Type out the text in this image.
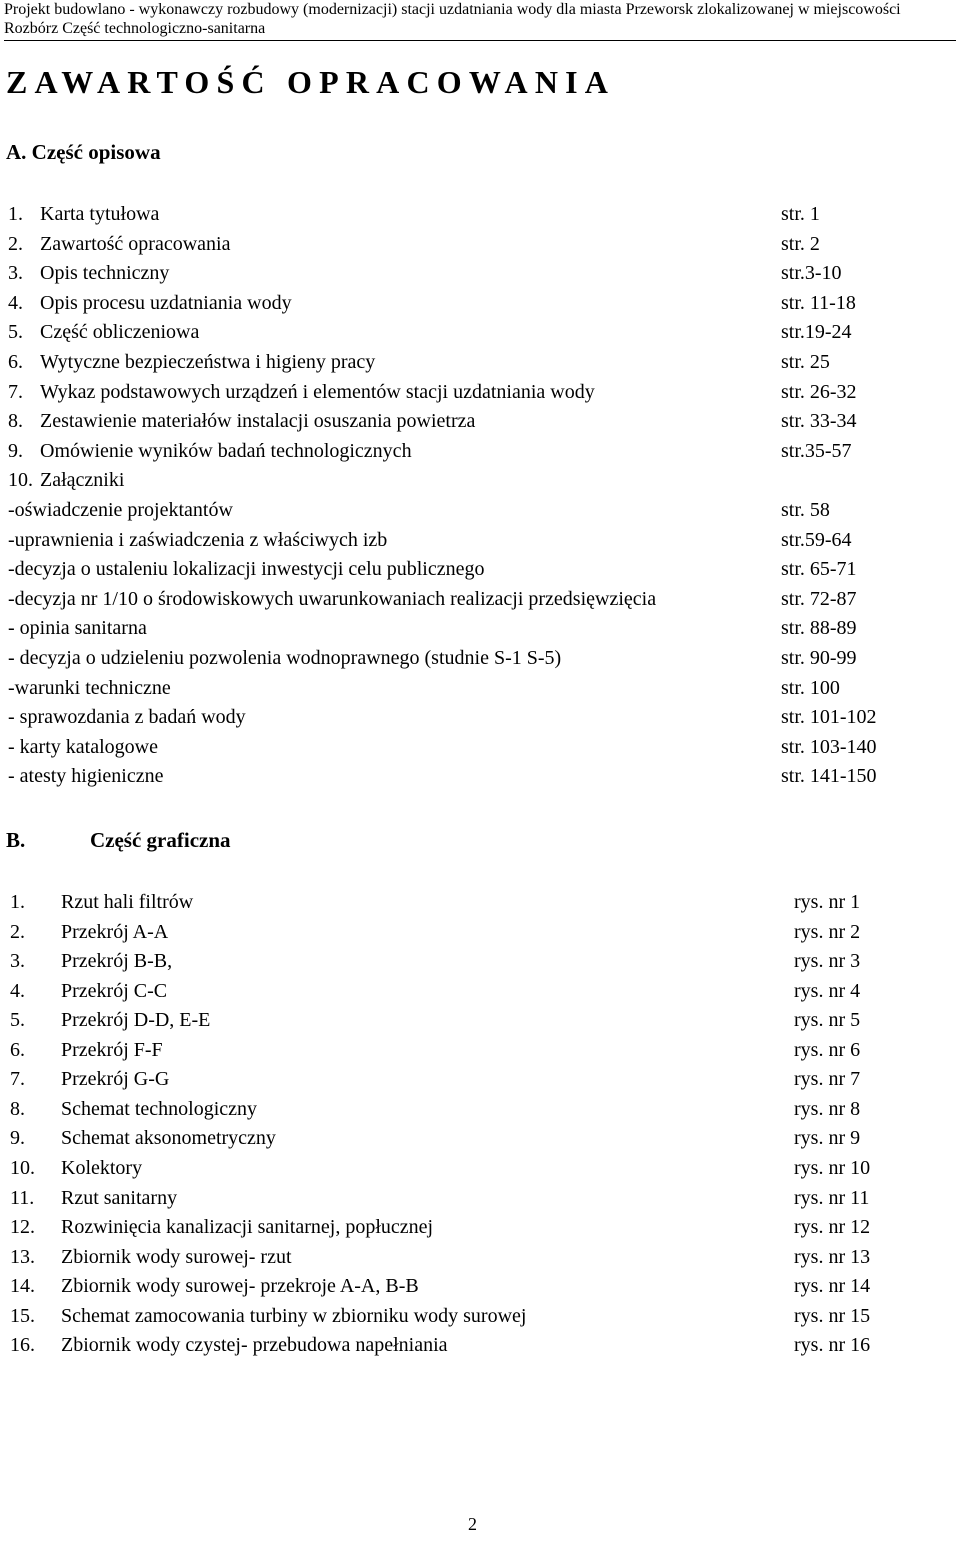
Projekt budowlano - wykonawczy rozbudowy (modernizacji) stacji uzdatniania wody dla miasta Przeworsk zlokalizowanej w miejscowości
Rozbórz Część technologiczno-sanitarna
ZAWARTOŚĆ OPRACOWANIA
A. Część opisowa
1. Karta tytułowa	str. 1
2. Zawartość opracowania	str. 2
3. Opis techniczny	str.3-10
4. Opis procesu uzdatniania wody	str. 11-18
5. Część obliczeniowa	str.19-24
6. Wytyczne bezpieczeństwa i higieny pracy	str. 25
7. Wykaz podstawowych urządzeń i elementów stacji uzdatniania wody	str. 26-32
8. Zestawienie materiałów instalacji osuszania powietrza	str. 33-34
9. Omówienie wyników badań technologicznych	str.35-57
10. Załączniki
-oświadczenie projektantów	str. 58
-uprawnienia i zaświadczenia z właściwych izb	str.59-64
-decyzja o ustaleniu lokalizacji inwestycji celu publicznego	str. 65-71
-decyzja nr 1/10 o środowiskowych uwarunkowaniach realizacji przedsięwzięcia	str. 72-87
- opinia sanitarna	str. 88-89
- decyzja o udzieleniu pozwolenia wodnoprawnego (studnie S-1 S-5)	str. 90-99
-warunki techniczne	str. 100
- sprawozdania z badań wody	str. 101-102
- karty katalogowe	str. 103-140
- atesty higieniczne	str. 141-150
B.	Część graficzna
1. Rzut hali filtrów	rys. nr 1
2. Przekrój A-A	rys. nr 2
3. Przekrój B-B,	rys. nr 3
4. Przekrój C-C	rys. nr 4
5. Przekrój D-D, E-E	rys. nr 5
6. Przekrój F-F	rys. nr 6
7. Przekrój G-G	rys. nr 7
8. Schemat technologiczny	rys. nr 8
9. Schemat aksonometryczny	rys. nr 9
10. Kolektory	rys. nr 10
11. Rzut sanitarny	rys. nr 11
12. Rozwinięcia kanalizacji sanitarnej, popłucznej	rys. nr 12
13. Zbiornik wody surowej- rzut	rys. nr 13
14. Zbiornik wody surowej- przekroje A-A, B-B	rys. nr 14
15. Schemat zamocowania turbiny w zbiorniku wody surowej	rys. nr 15
16. Zbiornik wody czystej- przebudowa napełniania	rys. nr 16
2
